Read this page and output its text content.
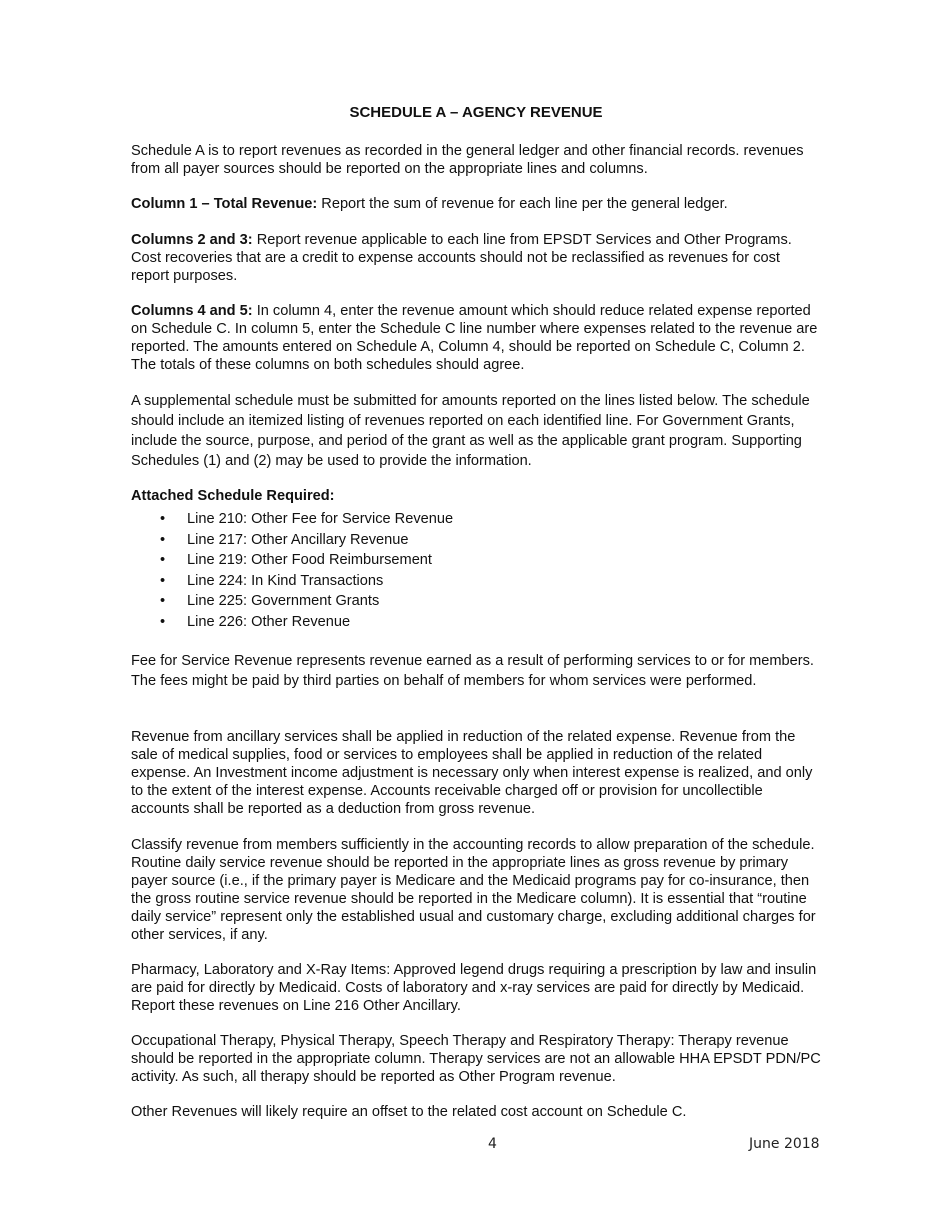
SCHEDULE A – AGENCY REVENUE

Schedule A is to report revenues as recorded in the general ledger and other financial records. revenues from all payer sources should be reported on the appropriate lines and columns.

Column 1 – Total Revenue: Report the sum of revenue for each line per the general ledger.

Columns 2 and 3: Report revenue applicable to each line from EPSDT Services and Other Programs. Cost recoveries that are a credit to expense accounts should not be reclassified as revenues for cost report purposes.

Columns 4 and 5: In column 4, enter the revenue amount which should reduce related expense reported on Schedule C. In column 5, enter the Schedule C line number where expenses related to the revenue are reported. The amounts entered on Schedule A, Column 4, should be reported on Schedule C, Column 2. The totals of these columns on both schedules should agree.

A supplemental schedule must be submitted for amounts reported on the lines listed below. The schedule should include an itemized listing of revenues reported on each identified line. For Government Grants, include the source, purpose, and period of the grant as well as the applicable grant program. Supporting Schedules (1) and (2) may be used to provide the information.

Attached Schedule Required:

• Line 210: Other Fee for Service Revenue
• Line 217: Other Ancillary Revenue
• Line 219: Other Food Reimbursement
• Line 224: In Kind Transactions
• Line 225: Government Grants
• Line 226: Other Revenue

Fee for Service Revenue represents revenue earned as a result of performing services to or for members. The fees might be paid by third parties on behalf of members for whom services were performed.

Revenue from ancillary services shall be applied in reduction of the related expense. Revenue from the sale of medical supplies, food or services to employees shall be applied in reduction of the related expense. An Investment income adjustment is necessary only when interest expense is realized, and only to the extent of the interest expense. Accounts receivable charged off or provision for uncollectible accounts shall be reported as a deduction from gross revenue.

Classify revenue from members sufficiently in the accounting records to allow preparation of the schedule. Routine daily service revenue should be reported in the appropriate lines as gross revenue by primary payer source (i.e., if the primary payer is Medicare and the Medicaid programs pay for co-insurance, then the gross routine service revenue should be reported in the Medicare column). It is essential that “routine daily service” represent only the established usual and customary charge, excluding additional charges for other services, if any.

Pharmacy, Laboratory and X-Ray Items: Approved legend drugs requiring a prescription by law and insulin are paid for directly by Medicaid. Costs of laboratory and x-ray services are paid for directly by Medicaid. Report these revenues on Line 216 Other Ancillary.

Occupational Therapy, Physical Therapy, Speech Therapy and Respiratory Therapy: Therapy revenue should be reported in the appropriate column. Therapy services are not an allowable HHA EPSDT PDN/PC activity. As such, all therapy should be reported as Other Program revenue.

Other Revenues will likely require an offset to the related cost account on Schedule C.

4	June 2018
